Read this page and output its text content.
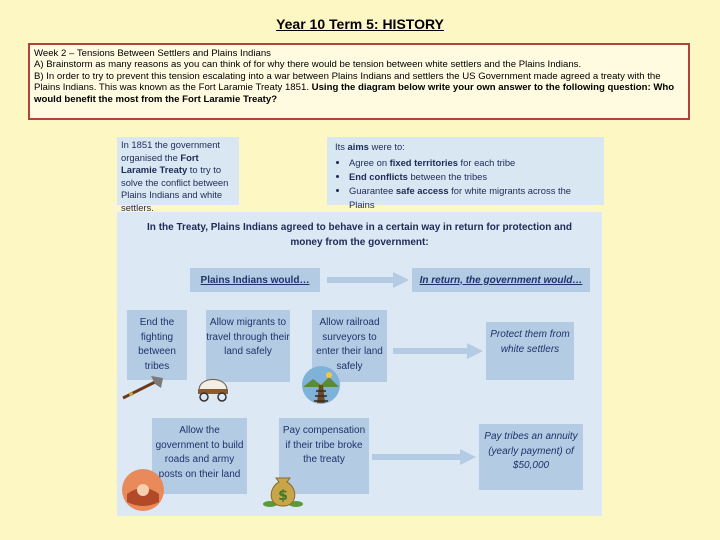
Year 10 Term 5: HISTORY

Week 2 – Tensions Between Settlers and Plains Indians

A) Brainstorm as many reasons as you can think of for why there would be tension between white settlers and the Plains Indians.

B) In order to try to prevent this tension escalating into a war between Plains Indians and settlers the US Government made agreed a treaty with the Plains Indians. This was known as the Fort Laramie Treaty 1851. Using the diagram below write your own answer to the following question: Who would benefit the most from the Fort Laramie Treaty?

In 1851 the government organised the Fort Laramie Treaty to try to solve the conflict between Plains Indians and white settlers.
Its aims were to:
• Agree on fixed territories for each tribe
• End conflicts between the tribes
• Guarantee safe access for white migrants across the Plains
In the Treaty, Plains Indians agreed to behave in a certain way in return for protection and
money from the government:
Plains Indians would…	In return, the government would…
End the fighting between tribes
Allow migrants to travel through their land safely
Allow railroad surveyors to enter their land safely
Allow the government to build roads and army posts on their land
Pay compensation if their tribe broke the treaty
Protect them from white settlers
Pay tribes an annuity (yearly payment) of $50,000
$
